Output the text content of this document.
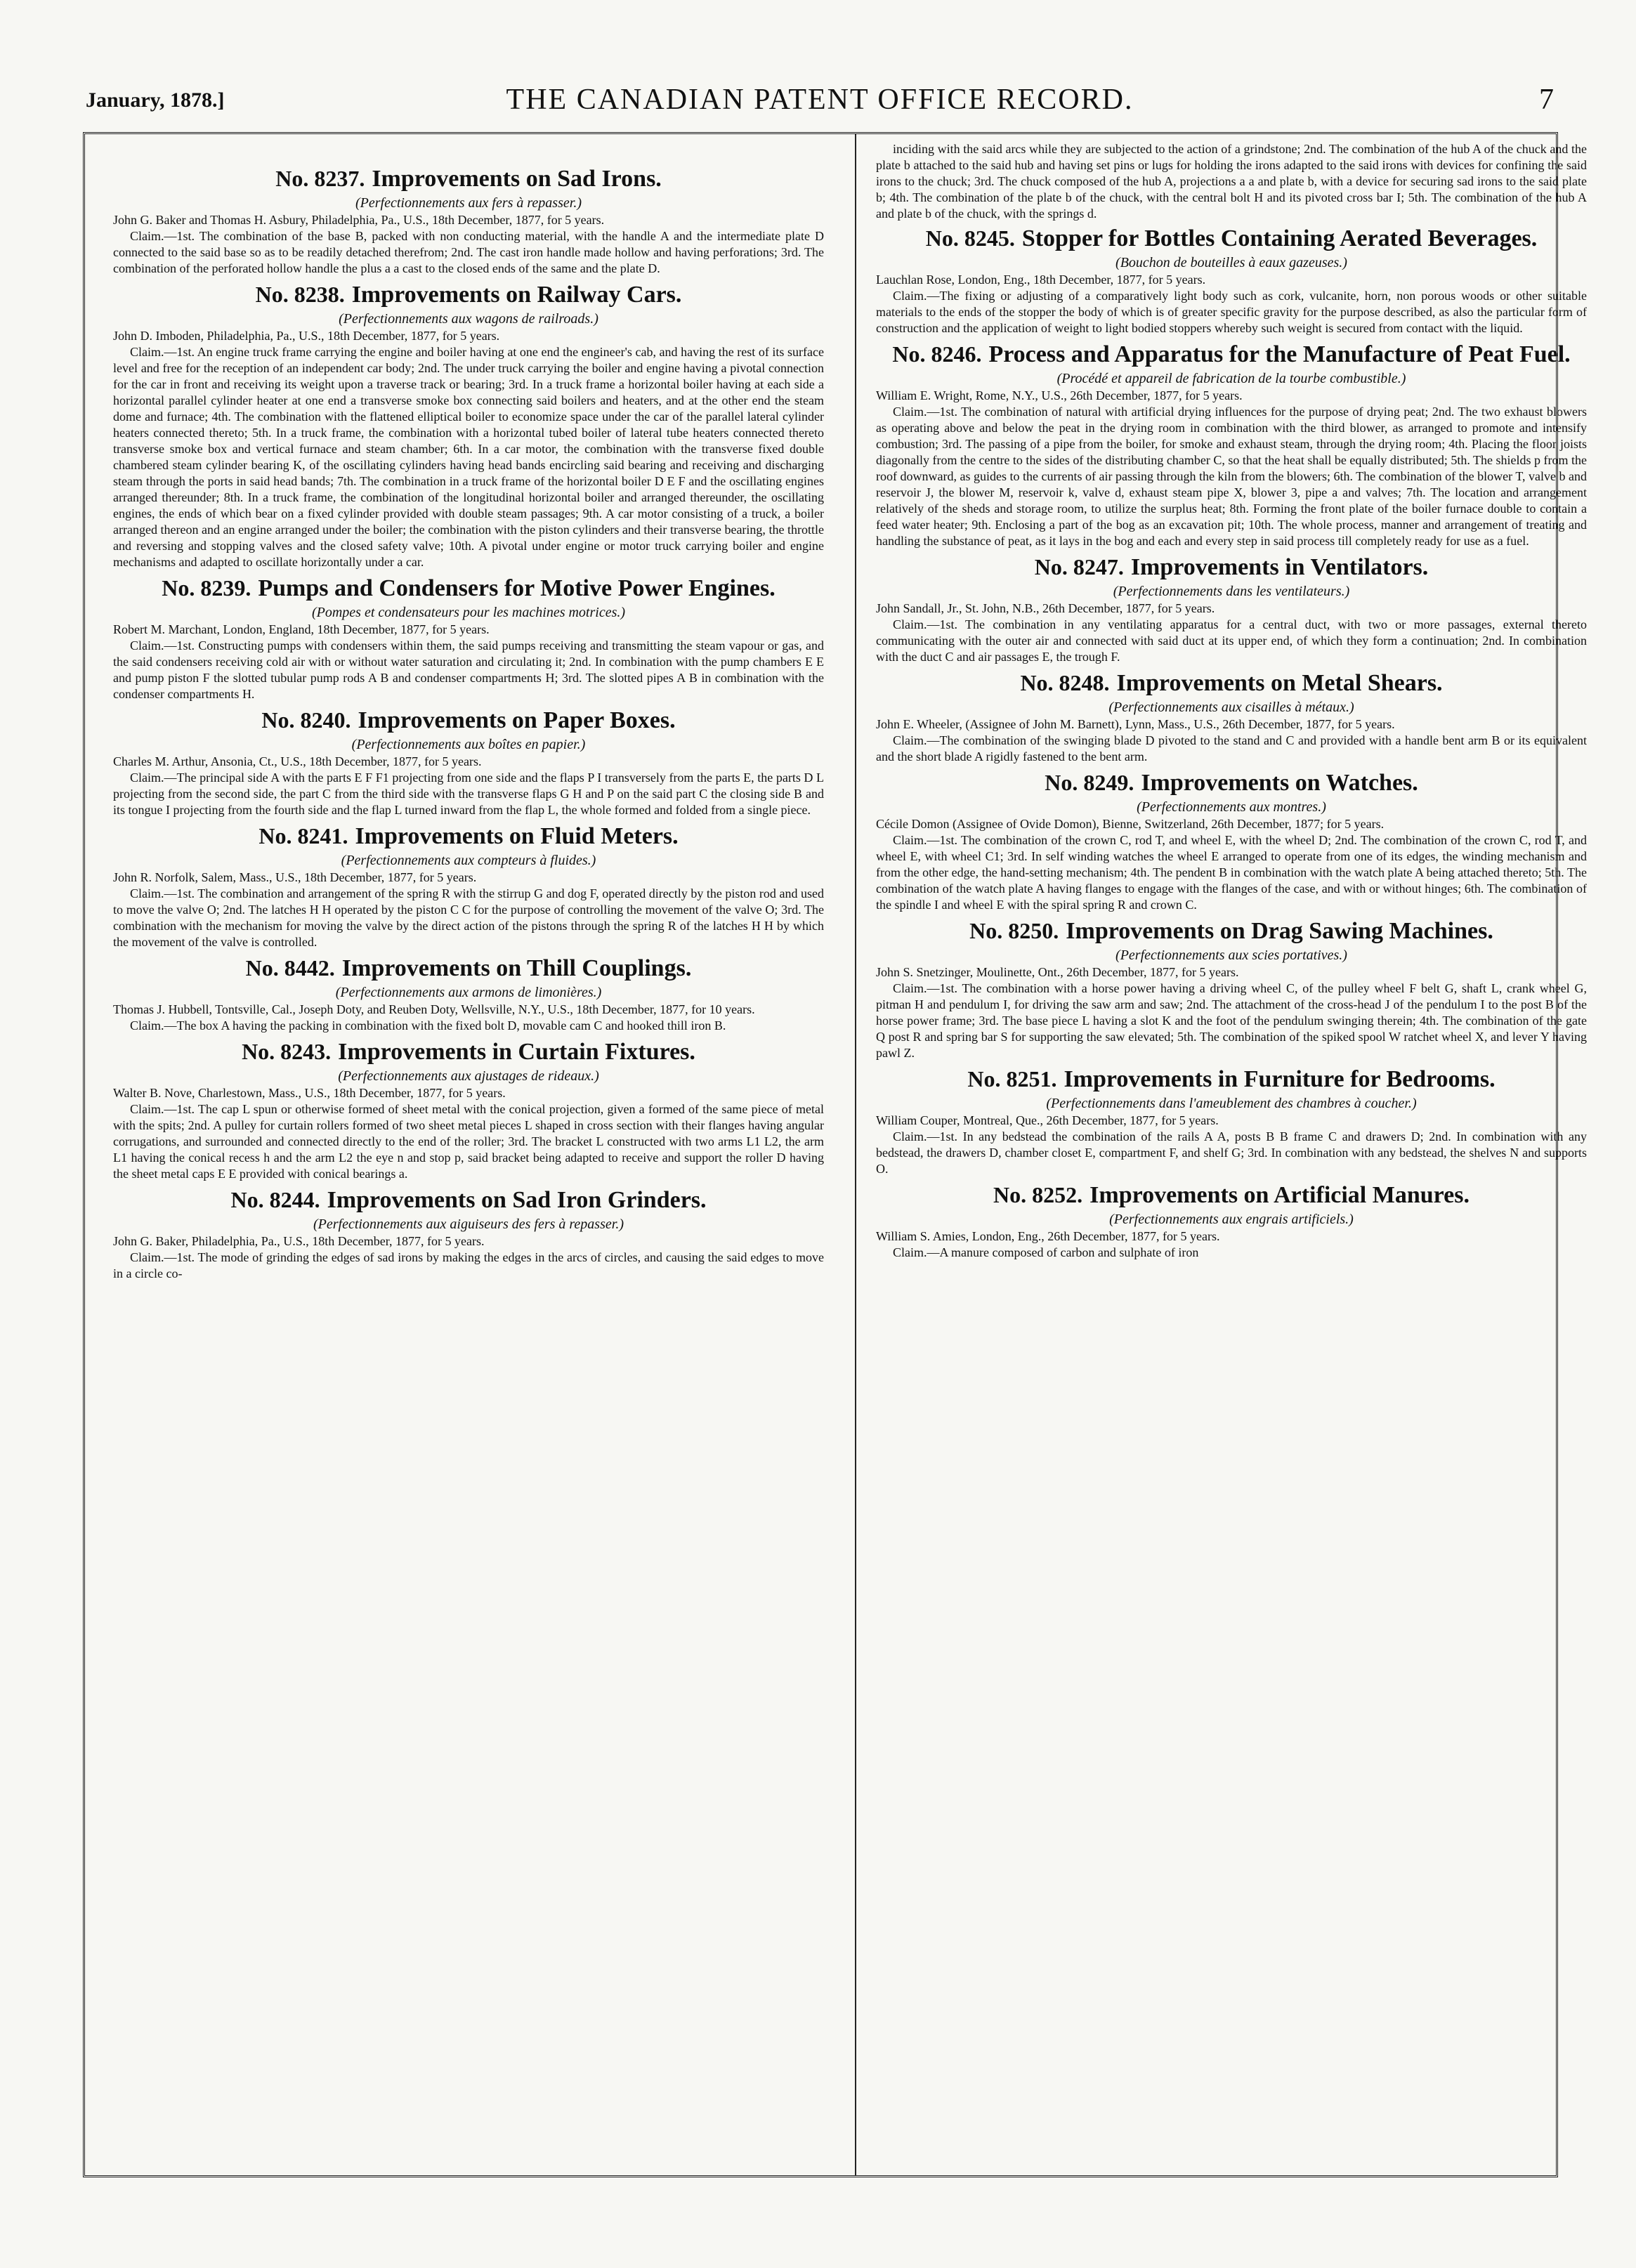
January, 1878.]	THE CANADIAN PATENT OFFICE RECORD.	7
No. 8237. Improvements on Sad Irons.

(Perfectionnements aux fers à repasser.)

John G. Baker and Thomas H. Asbury, Philadelphia, Pa., U.S., 18th December, 1877, for 5 years.

Claim.—1st. The combination of the base B, packed with non conducting material, with the handle A and the intermediate plate D connected to the said base so as to be readily detached therefrom; 2nd. The cast iron handle made hollow and having perforations; 3rd. The combination of the perforated hollow handle the plus a a cast to the closed ends of the same and the plate D.

No. 8238. Improvements on Railway Cars.

(Perfectionnements aux wagons de railroads.)

John D. Imboden, Philadelphia, Pa., U.S., 18th December, 1877, for 5 years.

Claim.—1st. An engine truck frame carrying the engine and boiler having at one end the engineer's cab, and having the rest of its surface level and free for the reception of an independent car body; 2nd. The under truck carrying the boiler and engine having a pivotal connection for the car in front and receiving its weight upon a traverse track or bearing; 3rd. In a truck frame a horizontal boiler having at each side a horizontal parallel cylinder heater at one end a transverse smoke box connecting said boilers and heaters, and at the other end the steam dome and furnace; 4th. The combination with the flattened elliptical boiler to economize space under the car of the parallel lateral cylinder heaters connected thereto; 5th. In a truck frame, the combination with a horizontal tubed boiler of lateral tube heaters connected thereto transverse smoke box and vertical furnace and steam chamber; 6th. In a car motor, the combination with the transverse fixed double chambered steam cylinder bearing K, of the oscillating cylinders having head bands encircling said bearing and receiving and discharging steam through the ports in said head bands; 7th. The combination in a truck frame of the horizontal boiler D E F and the oscillating engines arranged thereunder; 8th. In a truck frame, the combination of the longitudinal horizontal boiler and arranged thereunder, the oscillating engines, the ends of which bear on a fixed cylinder provided with double steam passages; 9th. A car motor consisting of a truck, a boiler arranged thereon and an engine arranged under the boiler; the combination with the piston cylinders and their transverse bearing, the throttle and reversing and stopping valves and the closed safety valve; 10th. A pivotal under engine or motor truck carrying boiler and engine mechanisms and adapted to oscillate horizontally under a car.

No. 8239. Pumps and Condensers for Motive Power Engines.

(Pompes et condensateurs pour les machines motrices.)

Robert M. Marchant, London, England, 18th December, 1877, for 5 years.

Claim.—1st. Constructing pumps with condensers within them, the said pumps receiving and transmitting the steam vapour or gas, and the said condensers receiving cold air with or without water saturation and circulating it; 2nd. In combination with the pump chambers E E and pump piston F the slotted tubular pump rods A B and condenser compartments H; 3rd. The slotted pipes A B in combination with the condenser compartments H.

No. 8240. Improvements on Paper Boxes.

(Perfectionnements aux boîtes en papier.)

Charles M. Arthur, Ansonia, Ct., U.S., 18th December, 1877, for 5 years.

Claim.—The principal side A with the parts E F F1 projecting from one side and the flaps P I transversely from the parts E, the parts D L projecting from the second side, the part C from the third side with the transverse flaps G H and P on the said part C the closing side B and its tongue I projecting from the fourth side and the flap L turned inward from the flap L, the whole formed and folded from a single piece.

No. 8241. Improvements on Fluid Meters.

(Perfectionnements aux compteurs à fluides.)

John R. Norfolk, Salem, Mass., U.S., 18th December, 1877, for 5 years.

Claim.—1st. The combination and arrangement of the spring R with the stirrup G and dog F, operated directly by the piston rod and used to move the valve O; 2nd. The latches H H operated by the piston C C for the purpose of controlling the movement of the valve O; 3rd. The combination with the mechanism for moving the valve by the direct action of the pistons through the spring R of the latches H H by which the movement of the valve is controlled.

No. 8442. Improvements on Thill Couplings.

(Perfectionnements aux armons de limonières.)

Thomas J. Hubbell, Tontsville, Cal., Joseph Doty, and Reuben Doty, Wellsville, N.Y., U.S., 18th December, 1877, for 10 years.

Claim.—The box A having the packing in combination with the fixed bolt D, movable cam C and hooked thill iron B.

No. 8243. Improvements in Curtain Fixtures.

(Perfectionnements aux ajustages de rideaux.)

Walter B. Nove, Charlestown, Mass., U.S., 18th December, 1877, for 5 years.

Claim.—1st. The cap L spun or otherwise formed of sheet metal with the conical projection, given a formed of the same piece of metal with the spits; 2nd. A pulley for curtain rollers formed of two sheet metal pieces L shaped in cross section with their flanges having angular corrugations, and surrounded and connected directly to the end of the roller; 3rd. The bracket L constructed with two arms L1 L2, the arm L1 having the conical recess h and the arm L2 the eye n and stop p, said bracket being adapted to receive and support the roller D having the sheet metal caps E E provided with conical bearings a.

No. 8244. Improvements on Sad Iron Grinders.

(Perfectionnements aux aiguiseurs des fers à repasser.)

John G. Baker, Philadelphia, Pa., U.S., 18th December, 1877, for 5 years.

Claim.—1st. The mode of grinding the edges of sad irons by making the edges in the arcs of circles, and causing the said edges to move in a circle co-

inciding with the said arcs while they are subjected to the action of a grindstone; 2nd. The combination of the hub A of the chuck and the plate b attached to the said hub and having set pins or lugs for holding the irons adapted to the said irons with devices for confining the said irons to the chuck; 3rd. The chuck composed of the hub A, projections a a and plate b, with a device for securing sad irons to the said plate b; 4th. The combination of the plate b of the chuck, with the central bolt H and its pivoted cross bar I; 5th. The combination of the hub A and plate b of the chuck, with the springs d.

No. 8245. Stopper for Bottles Containing Aerated Beverages.

(Bouchon de bouteilles à eaux gazeuses.)

Lauchlan Rose, London, Eng., 18th December, 1877, for 5 years.

Claim.—The fixing or adjusting of a comparatively light body such as cork, vulcanite, horn, non porous woods or other suitable materials to the ends of the stopper the body of which is of greater specific gravity for the purpose described, as also the particular form of construction and the application of weight to light bodied stoppers whereby such weight is secured from contact with the liquid.

No. 8246. Process and Apparatus for the Manufacture of Peat Fuel.

(Procédé et appareil de fabrication de la tourbe combustible.)

William E. Wright, Rome, N.Y., U.S., 26th December, 1877, for 5 years.

Claim.—1st. The combination of natural with artificial drying influences for the purpose of drying peat; 2nd. The two exhaust blowers as operating above and below the peat in the drying room in combination with the third blower, as arranged to promote and intensify combustion; 3rd. The passing of a pipe from the boiler, for smoke and exhaust steam, through the drying room; 4th. Placing the floor joists diagonally from the centre to the sides of the distributing chamber C, so that the heat shall be equally distributed; 5th. The shields p from the roof downward, as guides to the currents of air passing through the kiln from the blowers; 6th. The combination of the blower T, valve b and reservoir J, the blower M, reservoir k, valve d, exhaust steam pipe X, blower 3, pipe a and valves; 7th. The location and arrangement relatively of the sheds and storage room, to utilize the surplus heat; 8th. Forming the front plate of the boiler furnace double to contain a feed water heater; 9th. Enclosing a part of the bog as an excavation pit; 10th. The whole process, manner and arrangement of treating and handling the substance of peat, as it lays in the bog and each and every step in said process till completely ready for use as a fuel.

No. 8247. Improvements in Ventilators.

(Perfectionnements dans les ventilateurs.)

John Sandall, Jr., St. John, N.B., 26th December, 1877, for 5 years.

Claim.—1st. The combination in any ventilating apparatus for a central duct, with two or more passages, external thereto communicating with the outer air and connected with said duct at its upper end, of which they form a continuation; 2nd. In combination with the duct C and air passages E, the trough F.

No. 8248. Improvements on Metal Shears.

(Perfectionnements aux cisailles à métaux.)

John E. Wheeler, (Assignee of John M. Barnett), Lynn, Mass., U.S., 26th December, 1877, for 5 years.

Claim.—The combination of the swinging blade D pivoted to the stand and C and provided with a handle bent arm B or its equivalent and the short blade A rigidly fastened to the bent arm.

No. 8249. Improvements on Watches.

(Perfectionnements aux montres.)

Cécile Domon (Assignee of Ovide Domon), Bienne, Switzerland, 26th December, 1877; for 5 years.

Claim.—1st. The combination of the crown C, rod T, and wheel E, with the wheel D; 2nd. The combination of the crown C, rod T, and wheel E, with wheel C1; 3rd. In self winding watches the wheel E arranged to operate from one of its edges, the winding mechanism and from the other edge, the hand-setting mechanism; 4th. The pendent B in combination with the watch plate A being attached thereto; 5th. The combination of the watch plate A having flanges to engage with the flanges of the case, and with or without hinges; 6th. The combination of the spindle I and wheel E with the spiral spring R and crown C.

No. 8250. Improvements on Drag Sawing Machines.

(Perfectionnements aux scies portatives.)

John S. Snetzinger, Moulinette, Ont., 26th December, 1877, for 5 years.

Claim.—1st. The combination with a horse power having a driving wheel C, of the pulley wheel F belt G, shaft L, crank wheel G, pitman H and pendulum I, for driving the saw arm and saw; 2nd. The attachment of the cross-head J of the pendulum I to the post B of the horse power frame; 3rd. The base piece L having a slot K and the foot of the pendulum swinging therein; 4th. The combination of the gate Q post R and spring bar S for supporting the saw elevated; 5th. The combination of the spiked spool W ratchet wheel X, and lever Y having pawl Z.

No. 8251. Improvements in Furniture for Bedrooms.

(Perfectionnements dans l'ameublement des chambres à coucher.)

William Couper, Montreal, Que., 26th December, 1877, for 5 years.

Claim.—1st. In any bedstead the combination of the rails A A, posts B B frame C and drawers D; 2nd. In combination with any bedstead, the drawers D, chamber closet E, compartment F, and shelf G; 3rd. In combination with any bedstead, the shelves N and supports O.

No. 8252. Improvements on Artificial Manures.

(Perfectionnements aux engrais artificiels.)

William S. Amies, London, Eng., 26th December, 1877, for 5 years.

Claim.—A manure composed of carbon and sulphate of iron
